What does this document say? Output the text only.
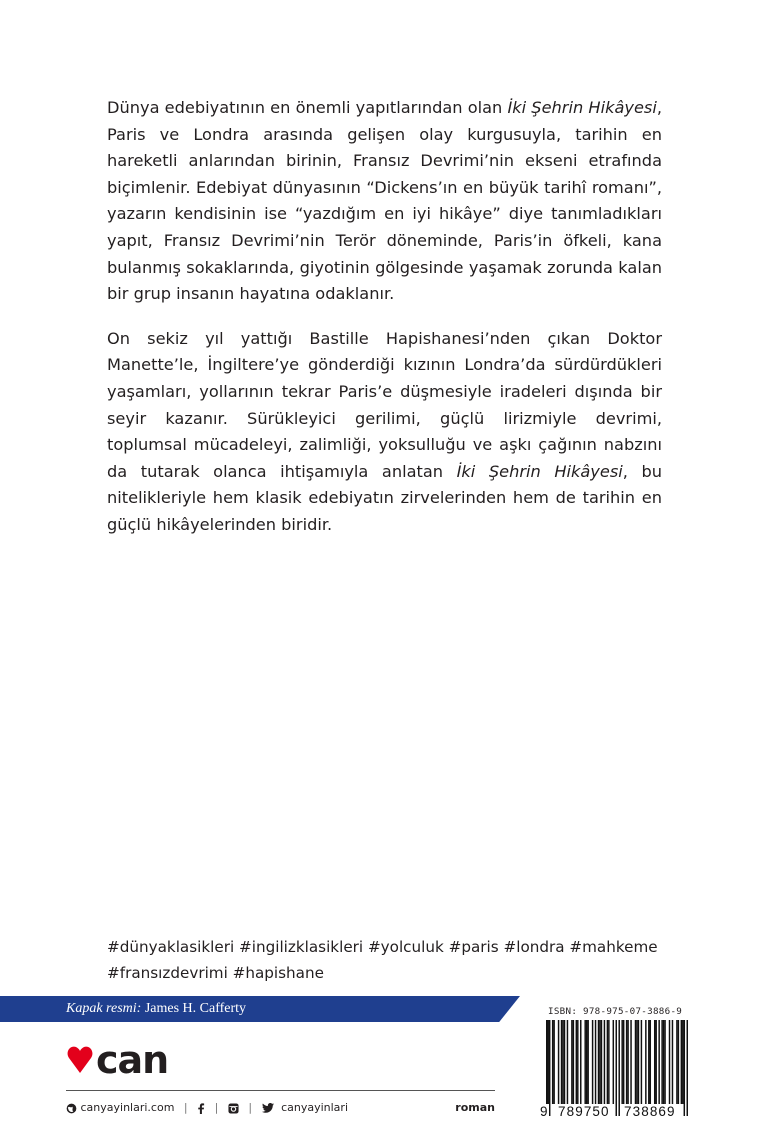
Dünya edebiyatının en önemli yapıtlarından olan İki Şehrin Hikâyesi, Paris ve Londra arasında gelişen olay kurgusuyla, tarihin en hareketli anlarından birinin, Fransız Devrimi’nin ekseni etrafında biçimlenir. Edebiyat dünyasının “Dickens’ın en büyük tarihî romanı”, yazarın kendisinin ise “yazdığım en iyi hikâye” diye tanımladıkları yapıt, Fransız Devrimi’nin Terör döneminde, Paris’in öfkeli, kana bulanmış sokaklarında, giyotinin gölgesinde yaşamak zorunda kalan bir grup insanın hayatına odaklanır.

On sekiz yıl yattığı Bastille Hapishanesi’nden çıkan Doktor Manette’le, İngiltere’ye gönderdiği kızının Londra’da sürdürdükleri yaşamları, yollarının tekrar Paris’e düşmesiyle iradeleri dışında bir seyir kazanır. Sürükleyici gerilimi, güçlü lirizmiyle devrimi, toplumsal mücadeleyi, zalimliği, yoksulluğu ve aşkı çağının nabzını da tutarak olanca ihtişamıyla anlatan İki Şehrin Hikâyesi, bu nitelikleriyle hem klasik edebiyatın zirvelerinden hem de tarihin en güçlü hikâyelerinden biridir.

#dünyaklasikleri #ingilizklasikleri #yolculuk #paris #londra #mahkeme
#fransızdevrimi #hapishane
Kapak resmi: James H. Cafferty
can
canyayinlari.com | |	|	canyayinlari	roman
ISBN: 978-975-07-3886-9
9 789750 738869
